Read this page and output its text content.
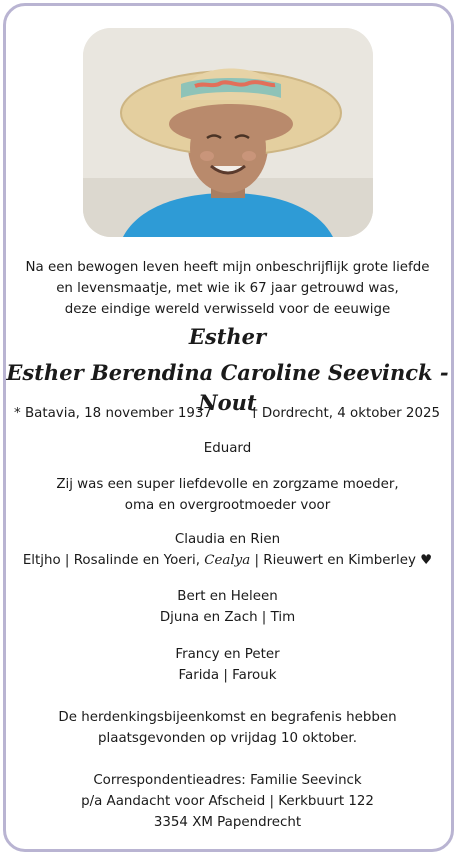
Na een bewogen leven heeft mijn onbeschrijflijk grote liefde
en levensmaatje, met wie ik 67 jaar getrouwd was,
deze eindige wereld verwisseld voor de eeuwige
Esther
Esther Berendina Caroline Seevinck - Nout
* Batavia, 18 november 1937	† Dordrecht, 4 oktober 2025
Eduard
Zij was een super liefdevolle en zorgzame moeder,
oma en overgrootmoeder voor
Claudia en Rien
Eltjho | Rosalinde en Yoeri, Cealya | Rieuwert en Kimberley ♥
Bert en Heleen
Djuna en Zach | Tim
Francy en Peter
Farida | Farouk
De herdenkingsbijeenkomst en begrafenis hebben
plaatsgevonden op vrijdag 10 oktober.
Correspondentieadres: Familie Seevinck
p/a Aandacht voor Afscheid | Kerkbuurt 122
3354 XM Papendrecht
